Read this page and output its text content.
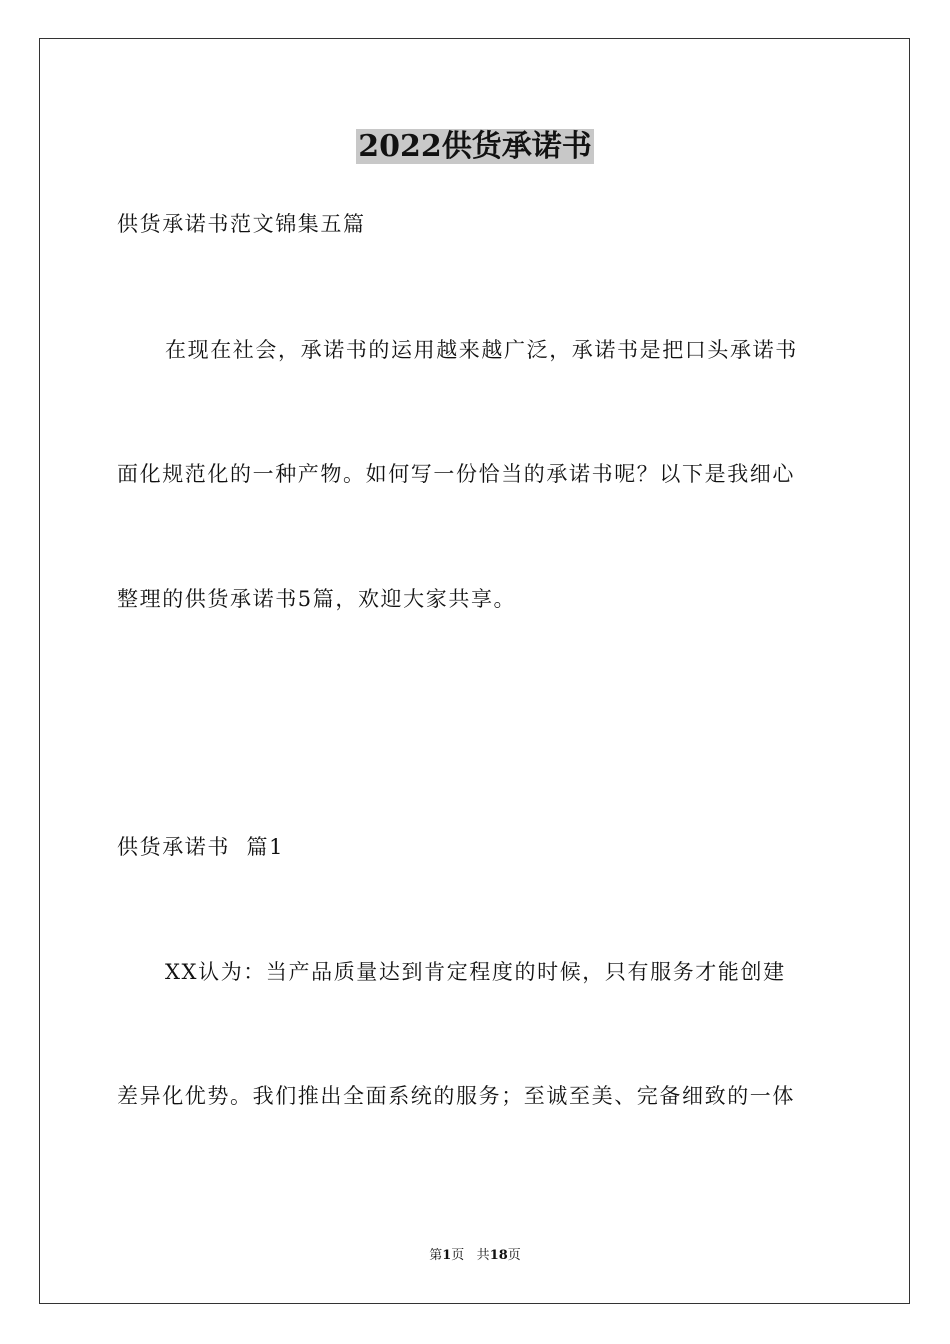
2022供货承诺书
供货承诺书范文锦集五篇
在现在社会，承诺书的运用越来越广泛，承诺书是把口头承诺书
面化规范化的一种产物。如何写一份恰当的承诺书呢？以下是我细心
整理的供货承诺书5篇，欢迎大家共享。
供货承诺书  篇1
XX认为：当产品质量达到肯定程度的时候，只有服务才能创建
差异化优势。我们推出全面系统的服务；至诚至美、完备细致的一体
第1页 共18页
